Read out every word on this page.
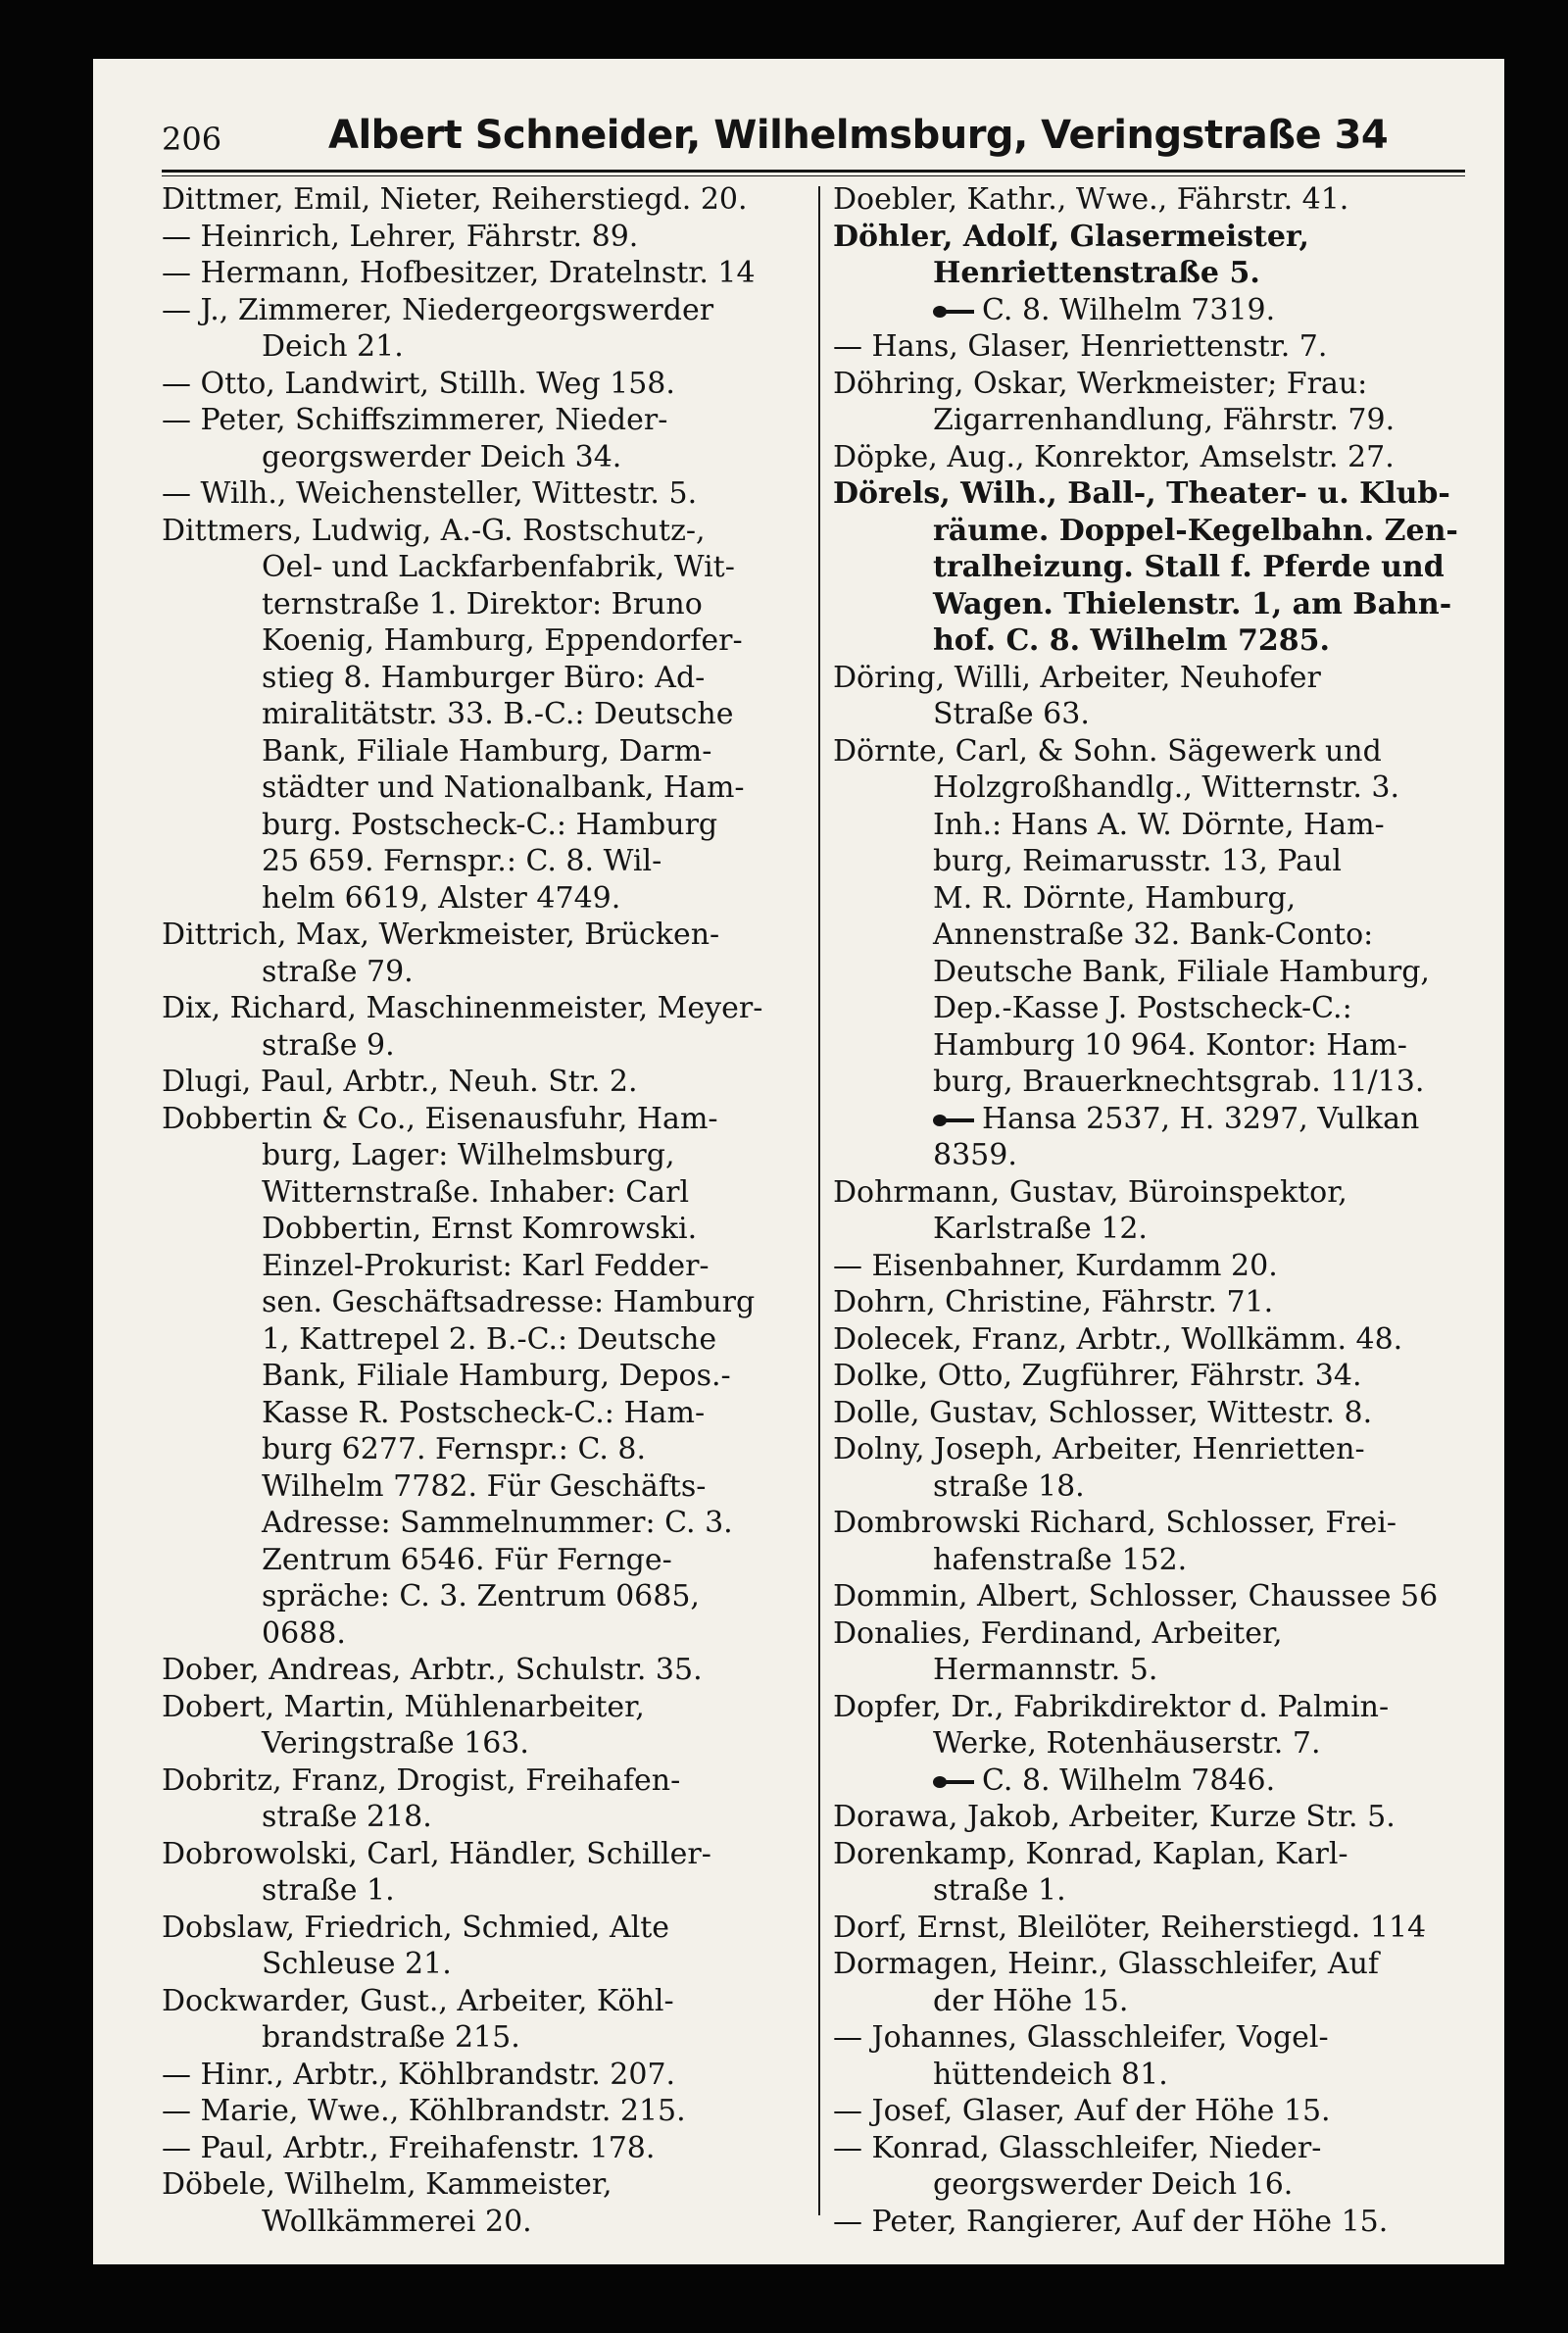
206	Albert Schneider, Wilhelmsburg, Veringstraße 34
Dittmer, Emil, Nieter, Reiherstiegd. 20.
— Heinrich, Lehrer, Fährstr. 89.
— Hermann, Hofbesitzer, Dratelnstr. 14
— J., Zimmerer, Niedergeorgswerder
Deich 21.
— Otto, Landwirt, Stillh. Weg 158.
— Peter, Schiffszimmerer, Nieder-
georgswerder Deich 34.
— Wilh., Weichensteller, Wittestr. 5.
Dittmers, Ludwig, A.-G. Rostschutz-,
Oel- und Lackfarbenfabrik, Wit-
ternstraße 1. Direktor: Bruno
Koenig, Hamburg, Eppendorfer-
stieg 8. Hamburger Büro: Ad-
miralitätstr. 33. B.-C.: Deutsche
Bank, Filiale Hamburg, Darm-
städter und Nationalbank, Ham-
burg. Postscheck-C.: Hamburg
25 659. Fernspr.: C. 8. Wil-
helm 6619, Alster 4749.
Dittrich, Max, Werkmeister, Brücken-
straße 79.
Dix, Richard, Maschinenmeister, Meyer-
straße 9.
Dlugi, Paul, Arbtr., Neuh. Str. 2.
Dobbertin & Co., Eisenausfuhr, Ham-
burg, Lager: Wilhelmsburg,
Witternstraße. Inhaber: Carl
Dobbertin, Ernst Komrowski.
Einzel-Prokurist: Karl Fedder-
sen. Geschäftsadresse: Hamburg
1, Kattrepel 2. B.-C.: Deutsche
Bank, Filiale Hamburg, Depos.-
Kasse R. Postscheck-C.: Ham-
burg 6277. Fernspr.: C. 8.
Wilhelm 7782. Für Geschäfts-
Adresse: Sammelnummer: C. 3.
Zentrum 6546. Für Fernge-
spräche: C. 3. Zentrum 0685,
0688.
Dober, Andreas, Arbtr., Schulstr. 35.
Dobert, Martin, Mühlenarbeiter,
Veringstraße 163.
Dobritz, Franz, Drogist, Freihafen-
straße 218.
Dobrowolski, Carl, Händler, Schiller-
straße 1.
Dobslaw, Friedrich, Schmied, Alte
Schleuse 21.
Dockwarder, Gust., Arbeiter, Köhl-
brandstraße 215.
— Hinr., Arbtr., Köhlbrandstr. 207.
— Marie, Wwe., Köhlbrandstr. 215.
— Paul, Arbtr., Freihafenstr. 178.
Döbele, Wilhelm, Kammeister,
Wollkämmerei 20.
Doebler, Kathr., Wwe., Fährstr. 41.
Döhler, Adolf, Glasermeister,
Henriettenstraße 5.
C. 8. Wilhelm 7319.
— Hans, Glaser, Henriettenstr. 7.
Döhring, Oskar, Werkmeister; Frau:
Zigarrenhandlung, Fährstr. 79.
Döpke, Aug., Konrektor, Amselstr. 27.
Dörels, Wilh., Ball-, Theater- u. Klub-
räume. Doppel-Kegelbahn. Zen-
tralheizung. Stall f. Pferde und
Wagen. Thielenstr. 1, am Bahn-
hof. C. 8. Wilhelm 7285.
Döring, Willi, Arbeiter, Neuhofer
Straße 63.
Dörnte, Carl, & Sohn. Sägewerk und
Holzgroßhandlg., Witternstr. 3.
Inh.: Hans A. W. Dörnte, Ham-
burg, Reimarusstr. 13, Paul
M. R. Dörnte, Hamburg,
Annenstraße 32. Bank-Conto:
Deutsche Bank, Filiale Hamburg,
Dep.-Kasse J. Postscheck-C.:
Hamburg 10 964. Kontor: Ham-
burg, Brauerknechtsgrab. 11/13.
Hansa 2537, H. 3297, Vulkan
8359.
Dohrmann, Gustav, Büroinspektor,
Karlstraße 12.
— Eisenbahner, Kurdamm 20.
Dohrn, Christine, Fährstr. 71.
Dolecek, Franz, Arbtr., Wollkämm. 48.
Dolke, Otto, Zugführer, Fährstr. 34.
Dolle, Gustav, Schlosser, Wittestr. 8.
Dolny, Joseph, Arbeiter, Henrietten-
straße 18.
Dombrowski Richard, Schlosser, Frei-
hafenstraße 152.
Dommin, Albert, Schlosser, Chaussee 56
Donalies, Ferdinand, Arbeiter,
Hermannstr. 5.
Dopfer, Dr., Fabrikdirektor d. Palmin-
Werke, Rotenhäuserstr. 7.
C. 8. Wilhelm 7846.
Dorawa, Jakob, Arbeiter, Kurze Str. 5.
Dorenkamp, Konrad, Kaplan, Karl-
straße 1.
Dorf, Ernst, Bleilöter, Reiherstiegd. 114
Dormagen, Heinr., Glasschleifer, Auf
der Höhe 15.
— Johannes, Glasschleifer, Vogel-
hüttendeich 81.
— Josef, Glaser, Auf der Höhe 15.
— Konrad, Glasschleifer, Nieder-
georgswerder Deich 16.
— Peter, Rangierer, Auf der Höhe 15.
